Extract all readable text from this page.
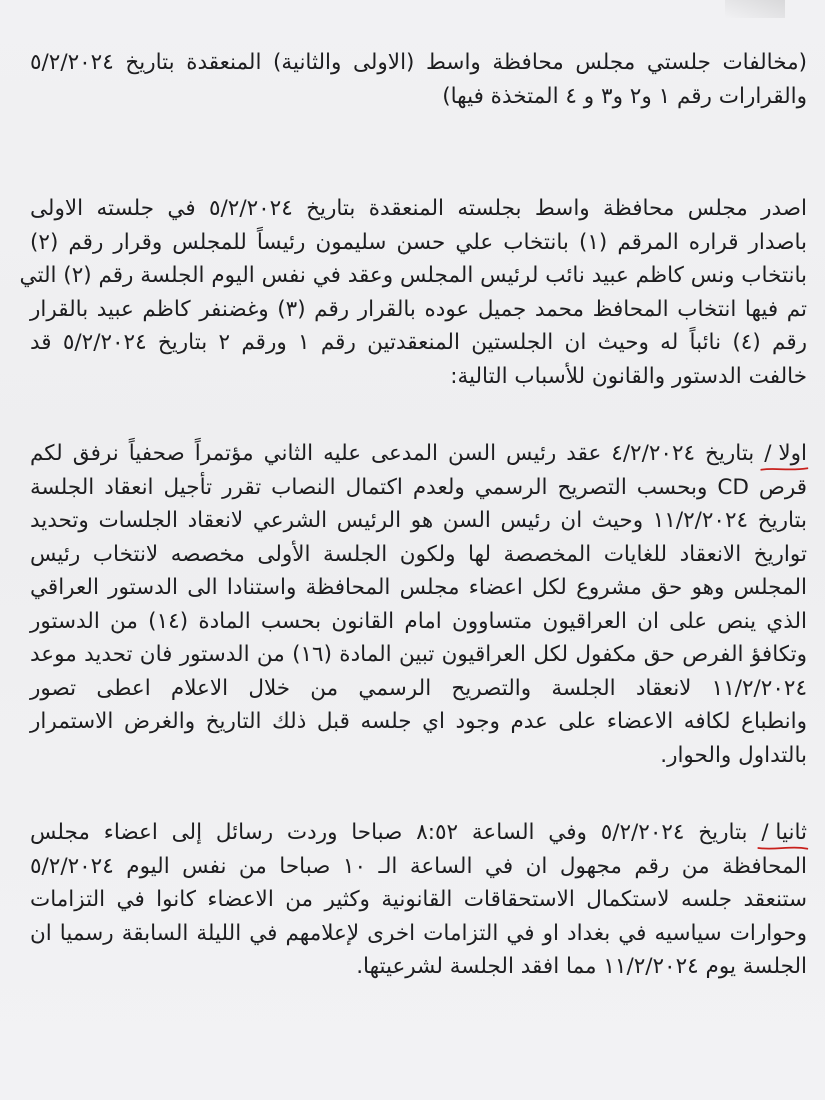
(مخالفات جلستي مجلس محافظة واسط (الاولى والثانية) المنعقدة بتاريخ ٥/٢/٢٠٢٤
والقرارات رقم ١ و٢ و٣ و ٤ المتخذة فيها)
اصدر مجلس محافظة واسط بجلسته المنعقدة بتاريخ ٥/٢/٢٠٢٤ في جلسته الاولى
باصدار قراره المرقم (١) بانتخاب علي حسن سليمون رئيساً للمجلس وقرار رقم (٢)
بانتخاب ونس كاظم عبيد نائب لرئيس المجلس وعقد في نفس اليوم الجلسة رقم (٢) التي
تم فيها انتخاب المحافظ محمد جميل عوده بالقرار رقم (٣) وغضنفر كاظم عبيد بالقرار
رقم (٤) نائباً له وحيث ان الجلستين المنعقدتين رقم ١ ورقم ٢ بتاريخ ٥/٢/٢٠٢٤ قد
خالفت الدستور والقانون للأسباب التالية:
اولا /
بتاريخ ٤/٢/٢٠٢٤ عقد رئيس السن المدعى عليه الثاني مؤتمراً صحفياً نرفق لكم
قرص CD وبحسب التصريح الرسمي ولعدم اكتمال النصاب تقرر تأجيل انعقاد الجلسة
بتاريخ ١١/٢/٢٠٢٤ وحيث ان رئيس السن هو الرئيس الشرعي لانعقاد الجلسات وتحديد
تواريخ الانعقاد للغايات المخصصة لها ولكون الجلسة الأولى مخصصه لانتخاب رئيس
المجلس وهو حق مشروع لكل اعضاء مجلس المحافظة واستنادا الى الدستور العراقي
الذي ينص على ان العراقيون متساوون امام القانون بحسب المادة (١٤) من الدستور
وتكافؤ الفرص حق مكفول لكل العراقيون تبين المادة (١٦) من الدستور فان تحديد موعد
١١/٢/٢٠٢٤ لانعقاد الجلسة والتصريح الرسمي من خلال الاعلام اعطى تصور
وانطباع لكافه الاعضاء على عدم وجود اي جلسه قبل ذلك التاريخ والغرض الاستمرار
بالتداول والحوار.
ثانيا /
بتاريخ ٥/٢/٢٠٢٤ وفي الساعة ٨:٥٢ صباحا وردت رسائل إلى اعضاء مجلس
المحافظة من رقم مجهول ان في الساعة الـ ١٠ صباحا من نفس اليوم ٥/٢/٢٠٢٤
ستنعقد جلسه لاستكمال الاستحقاقات القانونية وكثير من الاعضاء كانوا في التزامات
وحوارات سياسيه في بغداد او في التزامات اخرى لإعلامهم في الليلة السابقة رسميا ان
الجلسة يوم ١١/٢/٢٠٢٤ مما افقد الجلسة لشرعيتها.
